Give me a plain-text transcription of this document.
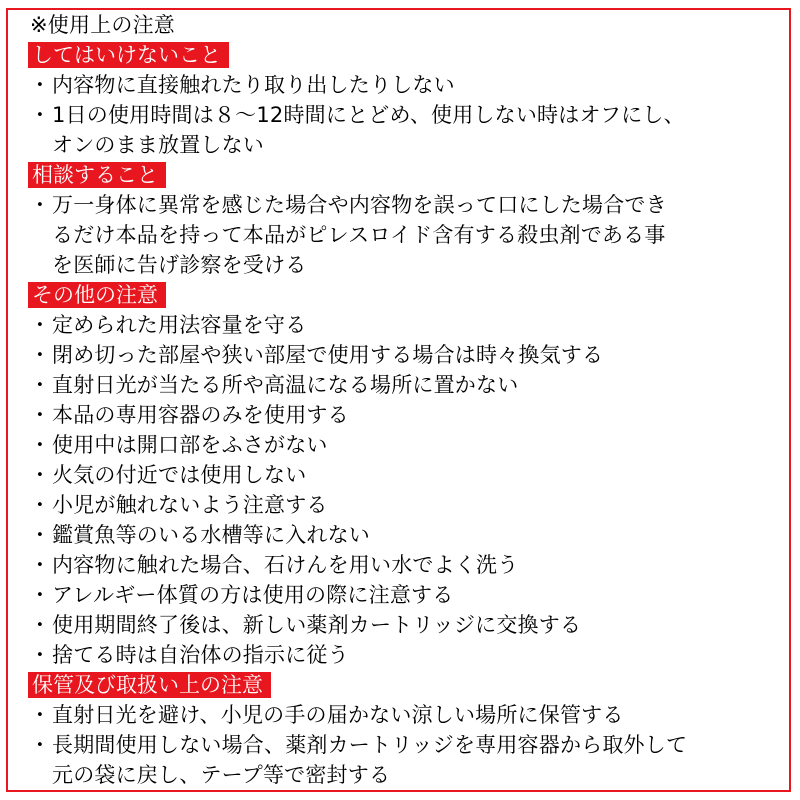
※使用上の注意
してはいけないこと
・内容物に直接触れたり取り出したりしない
・1日の使用時間は８～12時間にとどめ、使用しない時はオフにし、
オンのまま放置しない
相談すること
・万一身体に異常を感じた場合や内容物を誤って口にした場合でき
るだけ本品を持って本品がピレスロイド含有する殺虫剤である事
を医師に告げ診察を受ける
その他の注意
・定められた用法容量を守る
・閉め切った部屋や狭い部屋で使用する場合は時々換気する
・直射日光が当たる所や高温になる場所に置かない
・本品の専用容器のみを使用する
・使用中は開口部をふさがない
・火気の付近では使用しない
・小児が触れないよう注意する
・鑑賞魚等のいる水槽等に入れない
・内容物に触れた場合、石けんを用い水でよく洗う
・アレルギー体質の方は使用の際に注意する
・使用期間終了後は、新しい薬剤カートリッジに交換する
・捨てる時は自治体の指示に従う
保管及び取扱い上の注意
・直射日光を避け、小児の手の届かない涼しい場所に保管する
・長期間使用しない場合、薬剤カートリッジを専用容器から取外して
元の袋に戻し、テープ等で密封する
